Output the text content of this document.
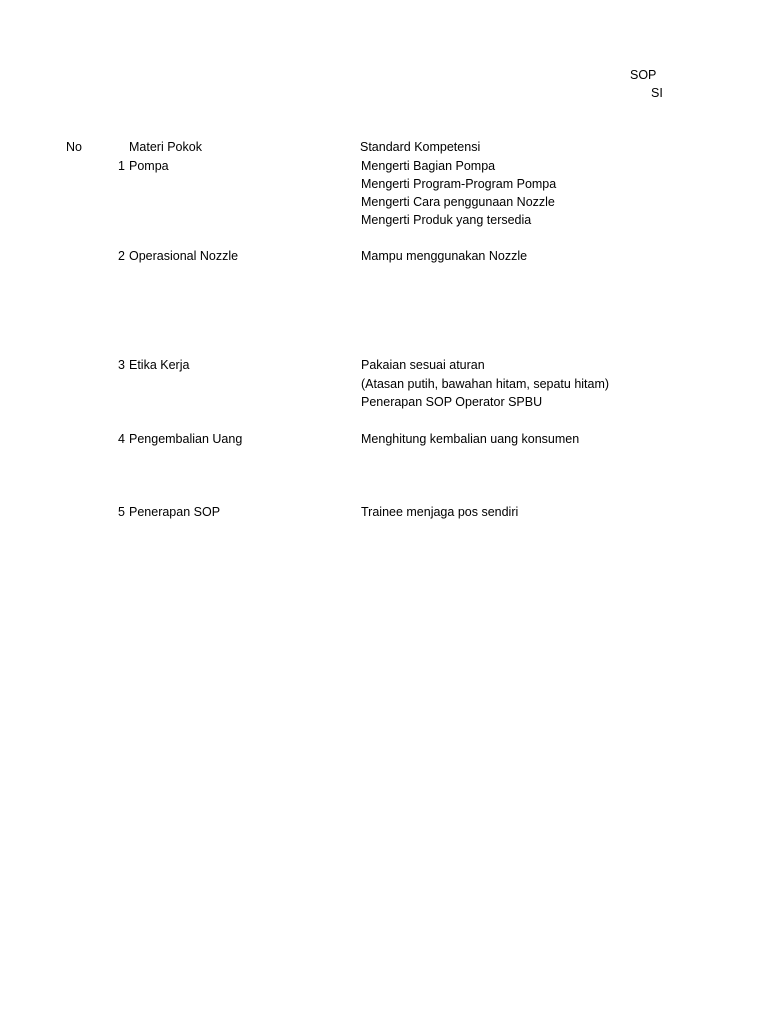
SOP
SI
No	Materi Pokok	Standard Kompetensi
1 Pompa	Mengerti Bagian Pompa
Mengerti Program-Program Pompa
Mengerti Cara penggunaan Nozzle
Mengerti Produk yang tersedia
2 Operasional Nozzle	Mampu menggunakan Nozzle
3 Etika Kerja	Pakaian sesuai aturan
(Atasan putih, bawahan hitam, sepatu hitam)
Penerapan SOP Operator SPBU
4 Pengembalian Uang	Menghitung kembalian uang konsumen
5 Penerapan SOP	Trainee menjaga pos sendiri
